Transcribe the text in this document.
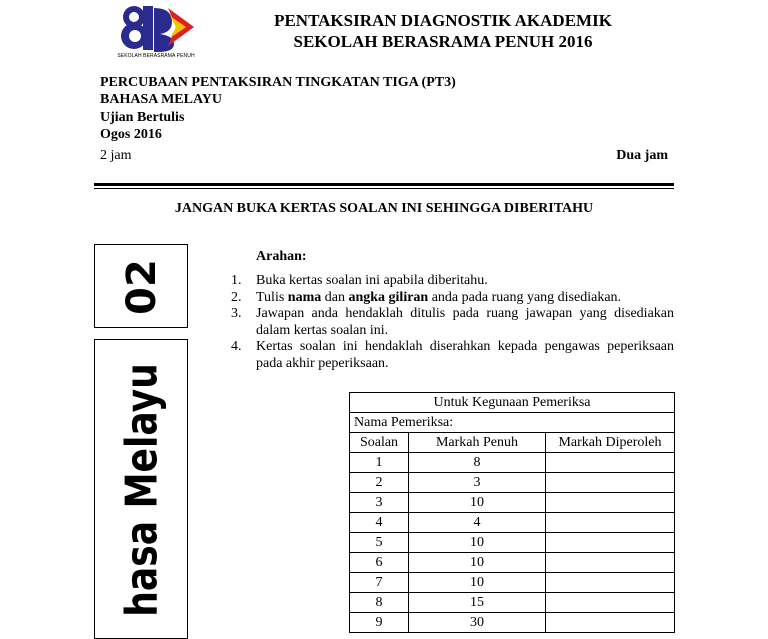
SEKOLAH BERASRAMA PENUH
PENTAKSIRAN DIAGNOSTIK AKADEMIK
SEKOLAH BERASRAMA PENUH 2016
PERCUBAAN PENTAKSIRAN TINGKATAN TIGA (PT3)
BAHASA MELAYU
Ujian Bertulis
Ogos 2016
2 jam	Dua jam
JANGAN BUKA KERTAS SOALAN INI SEHINGGA DIBERITAHU
02
hasa Melayu
Arahan:
1. Buka kertas soalan ini apabila diberitahu.
2. Tulis nama dan angka giliran anda pada ruang yang disediakan.
3. Jawapan anda hendaklah ditulis pada ruang jawapan yang disediakan dalam kertas soalan ini.
4. Kertas soalan ini hendaklah diserahkan kepada pengawas peperiksaan pada akhir peperiksaan.
Untuk Kegunaan Pemeriksa		
Nama Pemeriksa:		
Soalan	Markah Penuh	Markah Diperoleh
1	8	
2	3	
3	10	
4	4	
5	10	
6	10	
7	10	
8	15	
9	30	
